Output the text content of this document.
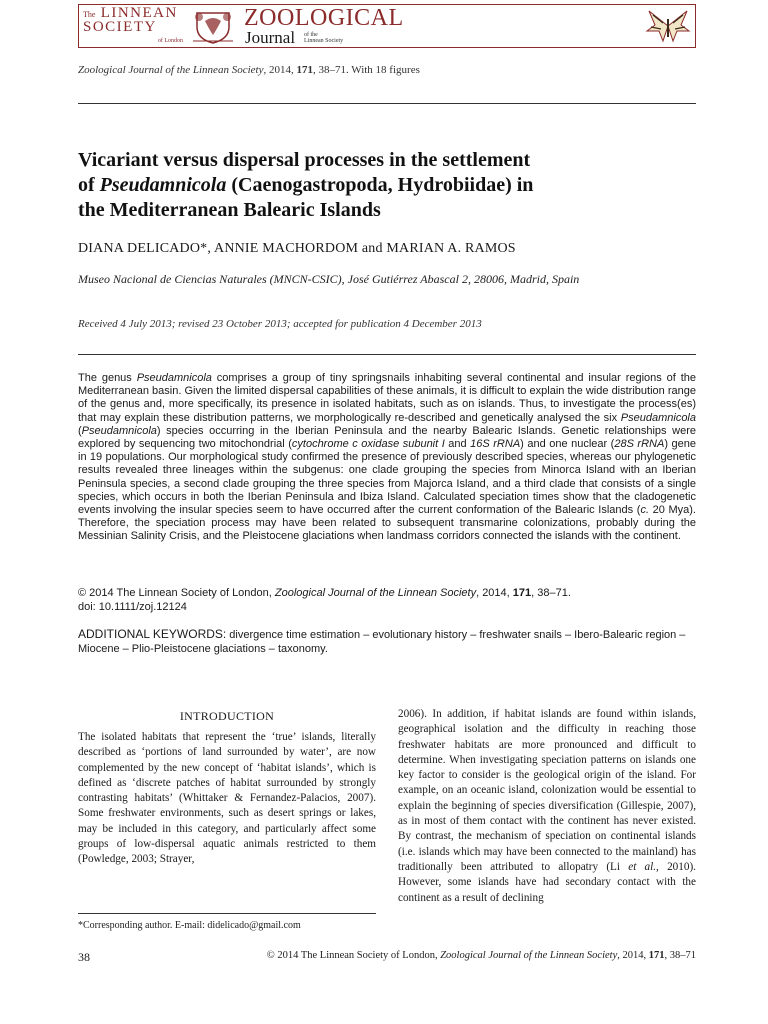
The LINNEAN
SOCIETY
of London
ZOOLOGICAL
Journal of the
Linnean Society
Zoological Journal of the Linnean Society, 2014, 171, 38–71. With 18 figures
Vicariant versus dispersal processes in the settlement
of Pseudamnicola (Caenogastropoda, Hydrobiidae) in
the Mediterranean Balearic Islands
DIANA DELICADO*, ANNIE MACHORDOM and MARIAN A. RAMOS
Museo Nacional de Ciencias Naturales (MNCN-CSIC), José Gutiérrez Abascal 2, 28006, Madrid, Spain
Received 4 July 2013; revised 23 October 2013; accepted for publication 4 December 2013
The genus Pseudamnicola comprises a group of tiny springsnails inhabiting several continental and insular regions of the Mediterranean basin. Given the limited dispersal capabilities of these animals, it is difficult to explain the wide distribution range of the genus and, more specifically, its presence in isolated habitats, such as on islands. Thus, to investigate the process(es) that may explain these distribution patterns, we morphologically re-described and genetically analysed the six Pseudamnicola (Pseudamnicola) species occurring in the Iberian Peninsula and the nearby Balearic Islands. Genetic relationships were explored by sequencing two mitochondrial (cytochrome c oxidase subunit I and 16S rRNA) and one nuclear (28S rRNA) gene in 19 populations. Our morphological study confirmed the presence of previously described species, whereas our phylogenetic results revealed three lineages within the subgenus: one clade grouping the species from Minorca Island with an Iberian Peninsula species, a second clade grouping the three species from Majorca Island, and a third clade that consists of a single species, which occurs in both the Iberian Peninsula and Ibiza Island. Calculated speciation times show that the cladogenetic events involving the insular species seem to have occurred after the current conformation of the Balearic Islands (c. 20 Mya). Therefore, the speciation process may have been related to subsequent transmarine colonizations, probably during the Messinian Salinity Crisis, and the Pleistocene glaciations when landmass corridors connected the islands with the continent.
© 2014 The Linnean Society of London, Zoological Journal of the Linnean Society, 2014, 171, 38–71.
doi: 10.1111/zoj.12124
ADDITIONAL KEYWORDS: divergence time estimation – evolutionary history – freshwater snails – Ibero-Balearic region – Miocene – Plio-Pleistocene glaciations – taxonomy.
INTRODUCTION
The isolated habitats that represent the ‘true’ islands, literally described as ‘portions of land surrounded by water’, are now complemented by the new concept of ‘habitat islands’, which is defined as ‘discrete patches of habitat surrounded by strongly contrasting habitats’ (Whittaker & Fernandez-Palacios, 2007). Some freshwater environments, such as desert springs or lakes, may be included in this category, and particularly affect some groups of low-dispersal aquatic animals restricted to them (Powledge, 2003; Strayer,
2006). In addition, if habitat islands are found within islands, geographical isolation and the difficulty in reaching those freshwater habitats are more pronounced and difficult to determine. When investigating speciation patterns on islands one key factor to consider is the geological origin of the island. For example, on an oceanic island, colonization would be essential to explain the beginning of species diversification (Gillespie, 2007), as in most of them contact with the continent has never existed. By contrast, the mechanism of speciation on continental islands (i.e. islands which may have been connected to the mainland) has traditionally been attributed to allopatry (Li et al., 2010). However, some islands have had secondary contact with the continent as a result of declining
*Corresponding author. E-mail: didelicado@gmail.com
38	© 2014 The Linnean Society of London, Zoological Journal of the Linnean Society, 2014, 171, 38–71
